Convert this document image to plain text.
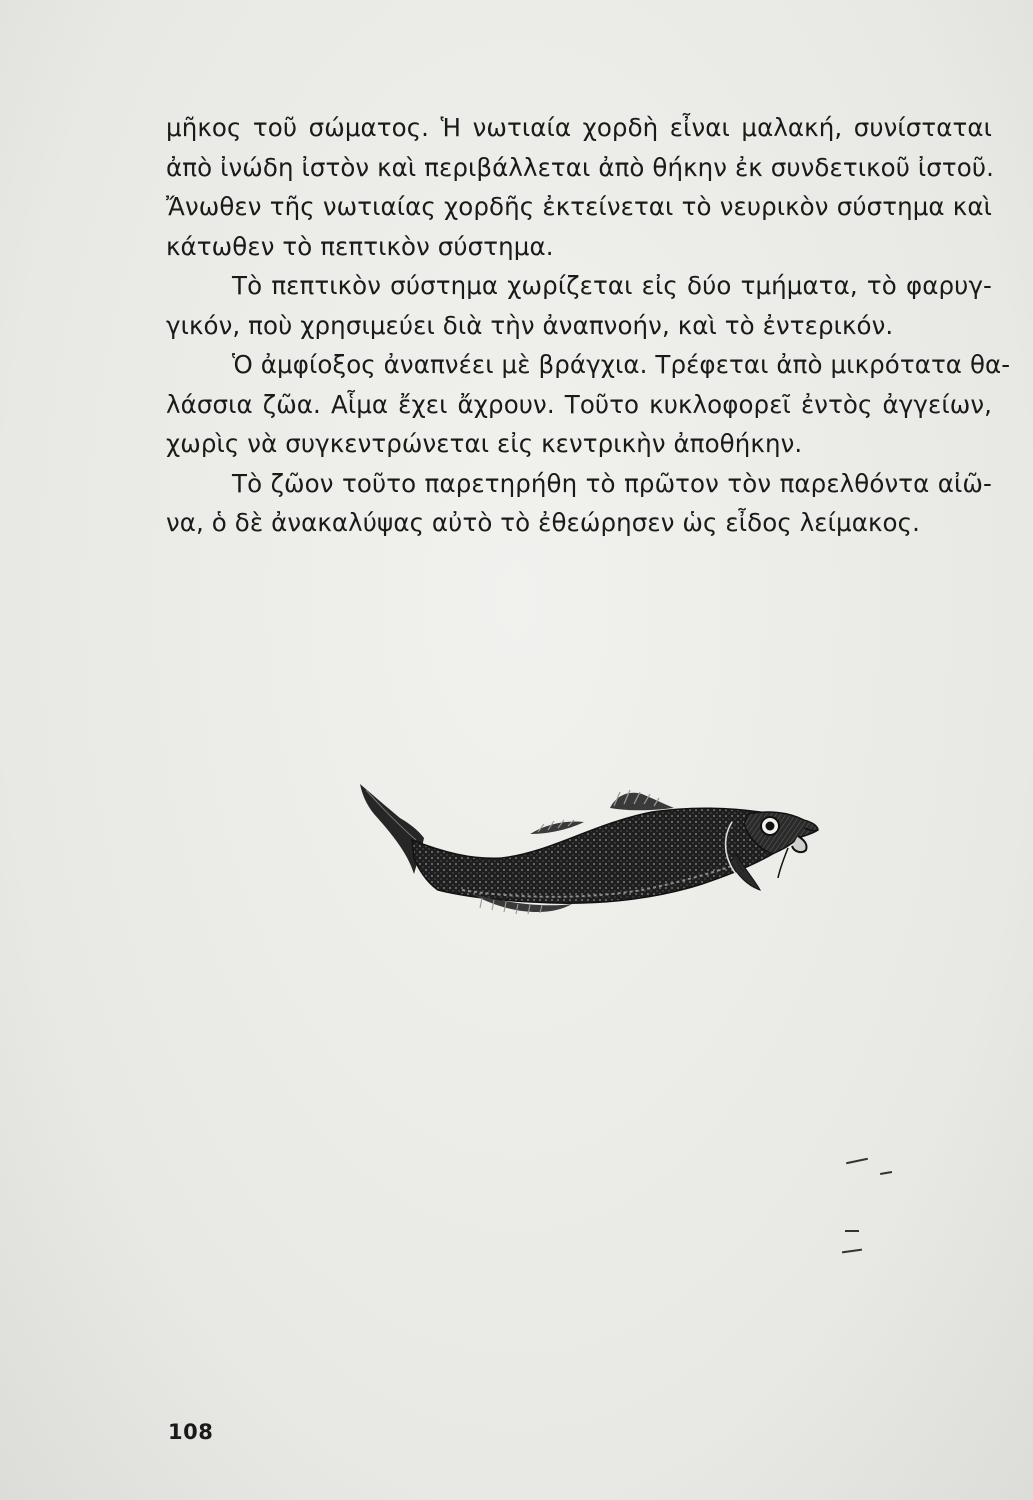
μῆκος τοῦ σώματος. Ἡ νωτιαία χορδὴ εἶναι μαλακή, συνίσταται
ἀπὸ ἰνώδη ἰστὸν καὶ περιβάλλεται ἀπὸ θήκην ἐκ συνδετικοῦ ἰστοῦ.
Ἄνωθεν τῆς νωτιαίας χορδῆς ἐκτείνεται τὸ νευρικὸν σύστημα καὶ
κάτωθεν τὸ πεπτικὸν σύστημα.
Τὸ πεπτικὸν σύστημα χωρίζεται εἰς δύο τμήματα, τὸ φαρυγ-
γικόν, ποὺ χρησιμεύει διὰ τὴν ἀναπνοήν, καὶ τὸ ἐντερικόν.
Ὁ ἀμφίοξος ἀναπνέει μὲ βράγχια. Τρέφεται ἀπὸ μικρότατα θα-
λάσσια ζῶα. Αἷμα ἔχει ἄχρουν. Τοῦτο κυκλοφορεῖ ἐντὸς ἀγγείων,
χωρὶς νὰ συγκεντρώνεται εἰς κεντρικὴν ἀποθήκην.
Τὸ ζῶον τοῦτο παρετηρήθη τὸ πρῶτον τὸν παρελθόντα αἰῶ-
να, ὁ δὲ ἀνακαλύψας αὐτὸ τὸ ἐθεώρησεν ὡς εἶδος λείμακος.
108
